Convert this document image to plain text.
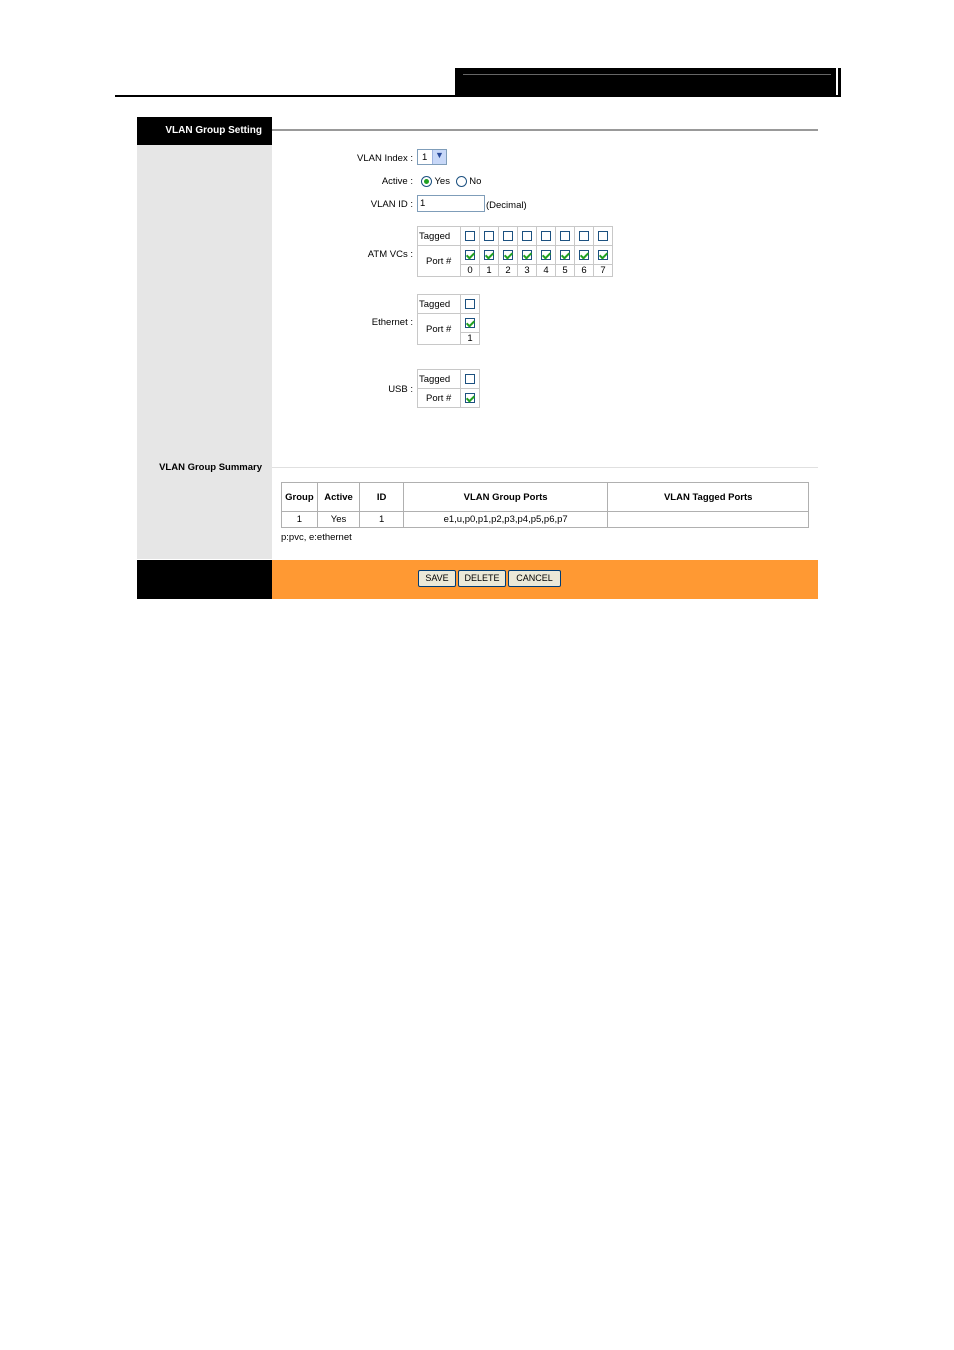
VLAN Group Setting
VLAN Group Summary
VLAN Index : 1 ▼
Active :	Yes No
VLAN ID : 1	(Decimal)
ATM VCs :
Tagged								
Port #								
	0	1	2	3	4	5	6	7
Ethernet :
Tagged	
Port #	
	1
USB :
Tagged	
Port #	
Group	Active	ID	VLAN Group Ports	VLAN Tagged Ports
1	Yes	1	e1,u,p0,p1,p2,p3,p4,p5,p6,p7	
p:pvc, e:ethernet
SAVE	DELETE	CANCEL
